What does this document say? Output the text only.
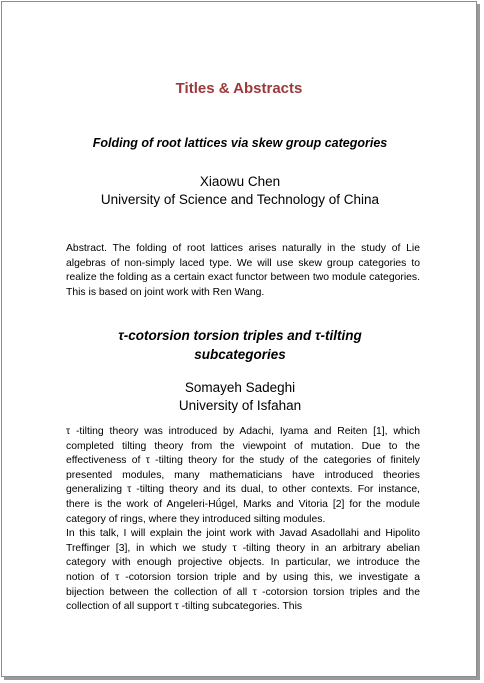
Titles & Abstracts
Folding of root lattices via skew group categories
Xiaowu Chen
University of Science and Technology of China

Abstract. The folding of root lattices arises naturally in the study of Lie algebras of non-simply laced type. We will use skew group categories to realize the folding as a certain exact functor between two module categories. This is based on joint work with Ren Wang.

τ-cotorsion torsion triples and τ-tilting subcategories
Somayeh Sadeghi
University of Isfahan

τ -tilting theory was introduced by Adachi, Iyama and Reiten [1], which completed tilting theory from the viewpoint of mutation. Due to the effectiveness of τ -tilting theory for the study of the categories of finitely presented modules, many mathematicians have introduced theories generalizing τ -tilting theory and its dual, to other contexts. For instance, there is the work of Angeleri-Hǘgel, Marks and Vitoria [2] for the module category of rings, where they introduced silting modules.

In this talk, I will explain the joint work with Javad Asadollahi and Hipolito Treffinger [3], in which we study τ -tilting theory in an arbitrary abelian category with enough projective objects. In particular, we introduce the notion of τ -cotorsion torsion triple and by using this, we investigate a bijection between the collection of all τ -cotorsion torsion triples and the collection of all support τ -tilting subcategories. This
